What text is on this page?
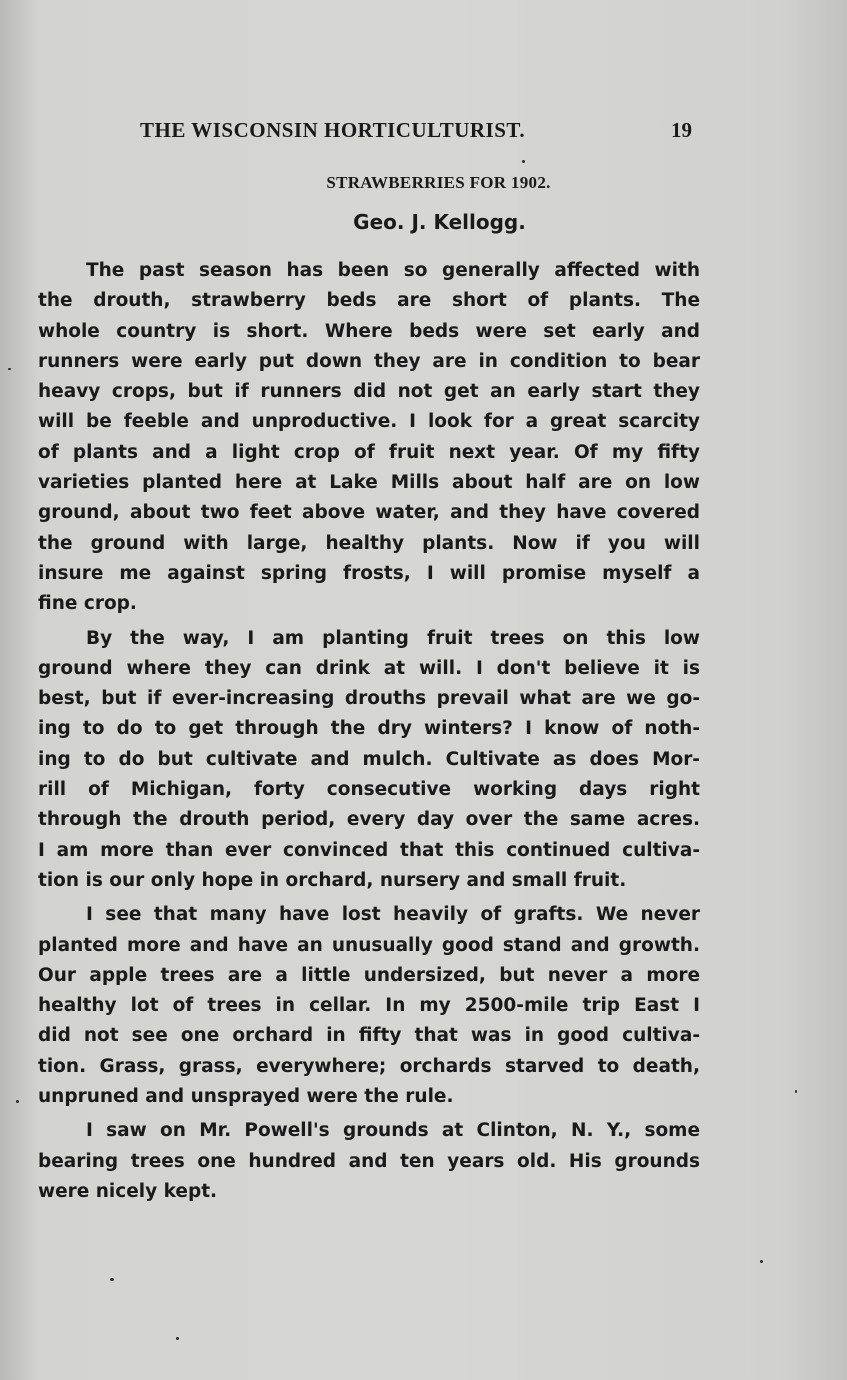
THE WISCONSIN HORTICULTURIST.	19
STRAWBERRIES FOR 1902.
Geo. J. Kellogg.
The past season has been so generally affected with
the drouth, strawberry beds are short of plants. The
whole country is short. Where beds were set early and
runners were early put down they are in condition to bear
heavy crops, but if runners did not get an early start they
will be feeble and unproductive. I look for a great scarcity
of plants and a light crop of fruit next year. Of my fifty
varieties planted here at Lake Mills about half are on low
ground, about two feet above water, and they have covered
the ground with large, healthy plants. Now if you will
insure me against spring frosts, I will promise myself a
fine crop.
By the way, I am planting fruit trees on this low
ground where they can drink at will. I don't believe it is
best, but if ever-increasing drouths prevail what are we go-
ing to do to get through the dry winters? I know of noth-
ing to do but cultivate and mulch. Cultivate as does Mor-
rill of Michigan, forty consecutive working days right
through the drouth period, every day over the same acres.
I am more than ever convinced that this continued cultiva-
tion is our only hope in orchard, nursery and small fruit.
I see that many have lost heavily of grafts. We never
planted more and have an unusually good stand and growth.
Our apple trees are a little undersized, but never a more
healthy lot of trees in cellar. In my 2500-mile trip East I
did not see one orchard in fifty that was in good cultiva-
tion. Grass, grass, everywhere; orchards starved to death,
unpruned and unsprayed were the rule.
I saw on Mr. Powell's grounds at Clinton, N. Y., some
bearing trees one hundred and ten years old. His grounds
were nicely kept.
